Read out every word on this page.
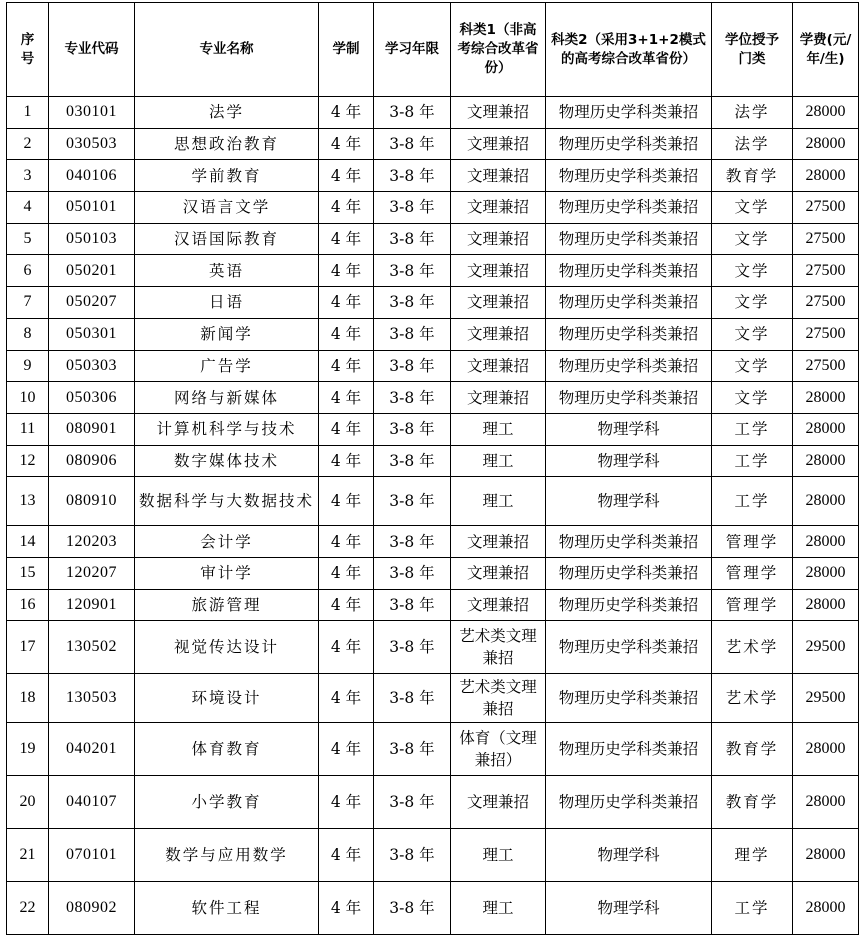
序号	专业代码	专业名称	学制	学习年限	科类1（非高考综合改革省份）	科类2（采用3+1+2模式的高考综合改革省份）	学位授予门类	学费(元/年/生)
1	030101	法学	4 年	3-8 年	文理兼招	物理历史学科类兼招	法学	28000
2	030503	思想政治教育	4 年	3-8 年	文理兼招	物理历史学科类兼招	法学	28000
3	040106	学前教育	4 年	3-8 年	文理兼招	物理历史学科类兼招	教育学	28000
4	050101	汉语言文学	4 年	3-8 年	文理兼招	物理历史学科类兼招	文学	27500
5	050103	汉语国际教育	4 年	3-8 年	文理兼招	物理历史学科类兼招	文学	27500
6	050201	英语	4 年	3-8 年	文理兼招	物理历史学科类兼招	文学	27500
7	050207	日语	4 年	3-8 年	文理兼招	物理历史学科类兼招	文学	27500
8	050301	新闻学	4 年	3-8 年	文理兼招	物理历史学科类兼招	文学	27500
9	050303	广告学	4 年	3-8 年	文理兼招	物理历史学科类兼招	文学	27500
10	050306	网络与新媒体	4 年	3-8 年	文理兼招	物理历史学科类兼招	文学	28000
11	080901	计算机科学与技术	4 年	3-8 年	理工	物理学科	工学	28000
12	080906	数字媒体技术	4 年	3-8 年	理工	物理学科	工学	28000
13	080910	数据科学与大数据技术	4 年	3-8 年	理工	物理学科	工学	28000
14	120203	会计学	4 年	3-8 年	文理兼招	物理历史学科类兼招	管理学	28000
15	120207	审计学	4 年	3-8 年	文理兼招	物理历史学科类兼招	管理学	28000
16	120901	旅游管理	4 年	3-8 年	文理兼招	物理历史学科类兼招	管理学	28000
17	130502	视觉传达设计	4 年	3-8 年	艺术类文理兼招	物理历史学科类兼招	艺术学	29500
18	130503	环境设计	4 年	3-8 年	艺术类文理兼招	物理历史学科类兼招	艺术学	29500
19	040201	体育教育	4 年	3-8 年	体育（文理兼招）	物理历史学科类兼招	教育学	28000
20	040107	小学教育	4 年	3-8 年	文理兼招	物理历史学科类兼招	教育学	28000
21	070101	数学与应用数学	4 年	3-8 年	理工	物理学科	理学	28000
22	080902	软件工程	4 年	3-8 年	理工	物理学科	工学	28000
